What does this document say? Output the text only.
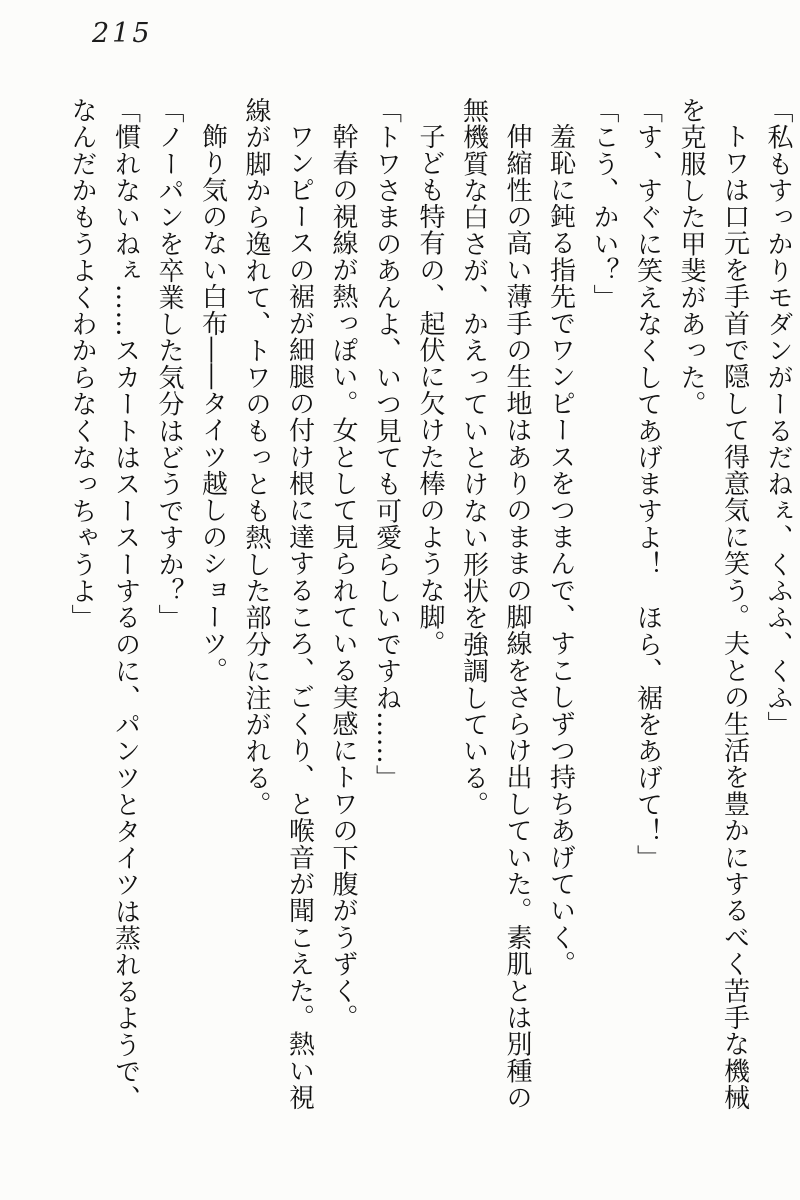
215

「私もすっかりモダンがーるだねぇ、くふふ、くふ」

トワは口元を手首で隠して得意気に笑う。夫との生活を豊かにするべく苦手な機械を克服した甲斐があった。

「す、すぐに笑えなくしてあげますよ！　ほら、裾をあげて！」

「こう、かい？」

羞恥に鈍る指先でワンピースをつまんで、すこしずつ持ちあげていく。

伸縮性の高い薄手の生地はありのままの脚線をさらけ出していた。素肌とは別種の無機質な白さが、かえっていとけない形状を強調している。

子ども特有の、起伏に欠けた棒のような脚。

「トワさまのあんよ、いつ見ても可愛らしいですね……」

幹春の視線が熱っぽい。女として見られている実感にトワの下腹がうずく。

ワンピースの裾が細腿の付け根に達するころ、ごくり、と喉音が聞こえた。熱い視線が脚から逸れて、トワのもっとも熱した部分に注がれる。

飾り気のない白布――タイツ越しのショーツ。

「ノーパンを卒業した気分はどうですか？」

「慣れないねぇ……スカートはスースーするのに、パンツとタイツは蒸れるようで、なんだかもうよくわからなくなっちゃうよ」
